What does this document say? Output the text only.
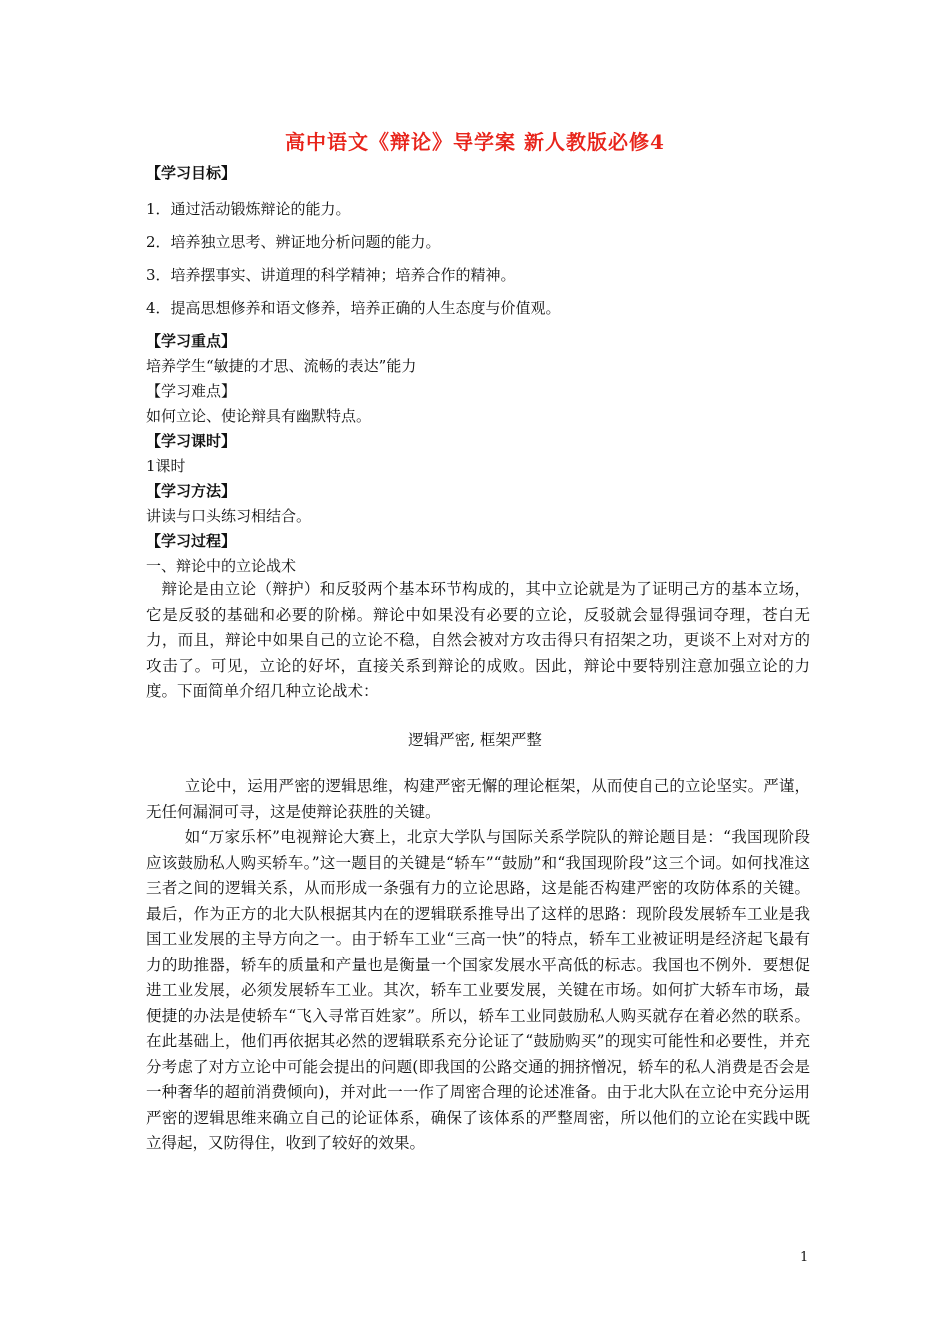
高中语文《辩论》导学案 新人教版必修4
【学习目标】
1．通过活动锻炼辩论的能力。
2．培养独立思考、辨证地分析问题的能力。
3．培养摆事实、讲道理的科学精神；培养合作的精神。
4．提高思想修养和语文修养，培养正确的人生态度与价值观。
【学习重点】
培养学生“敏捷的才思、流畅的表达”能力
【学习难点】
如何立论、使论辩具有幽默特点。
【学习课时】
1课时
【学习方法】
讲读与口头练习相结合。
【学习过程】
一、辩论中的立论战术
辩论是由立论（辩护）和反驳两个基本环节构成的，其中立论就是为了证明己方的基本立场，它是反驳的基础和必要的阶梯。辩论中如果没有必要的立论，反驳就会显得强词夺理，苍白无力，而且，辩论中如果自己的立论不稳，自然会被对方攻击得只有招架之功，更谈不上对对方的攻击了。可见，立论的好坏，直接关系到辩论的成败。因此，辩论中要特别注意加强立论的力度。下面简单介绍几种立论战术：
逻辑严密, 框架严整
立论中，运用严密的逻辑思维，构建严密无懈的理论框架，从而使自己的立论坚实。严谨，无任何漏洞可寻，这是使辩论获胜的关键。
如“万家乐杯”电视辩论大赛上，北京大学队与国际关系学院队的辩论题目是：“我国现阶段应该鼓励私人购买轿车。”这一题目的关键是“轿车”“鼓励”和“我国现阶段”这三个词。如何找准这三者之间的逻辑关系，从而形成一条强有力的立论思路，这是能否构建严密的攻防体系的关键。最后，作为正方的北大队根据其内在的逻辑联系推导出了这样的思路：现阶段发展轿车工业是我国工业发展的主导方向之一。由于轿车工业“三高一快”的特点，轿车工业被证明是经济起飞最有力的助推器，轿车的质量和产量也是衡量一个国家发展水平高低的标志。我国也不例外．要想促进工业发展，必须发展轿车工业。其次，轿车工业要发展，关键在市场。如何扩大轿车市场，最便捷的办法是使轿车“飞入寻常百姓家”。所以，轿车工业同鼓励私人购买就存在着必然的联系。在此基础上，他们再依据其必然的逻辑联系充分论证了“鼓励购买”的现实可能性和必要性，并充分考虑了对方立论中可能会提出的问题(即我国的公路交通的拥挤憎况，轿车的私人消费是否会是一种奢华的超前消费倾向)，并对此一一作了周密合理的论述准备。由于北大队在立论中充分运用严密的逻辑思维来确立自己的论证体系，确保了该体系的严整周密，所以他们的立论在实践中既立得起，又防得住，收到了较好的效果。
1
